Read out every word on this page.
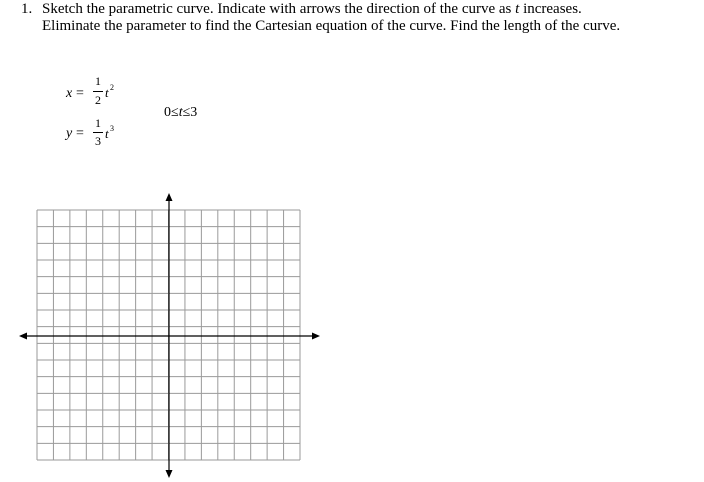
1. Sketch the parametric curve. Indicate with arrows the direction of the curve as t increases.
Eliminate the parameter to find the Cartesian equation of the curve. Find the length of the curve.
x =
1
2 t 2
y =
1
3 t 3
0≤t≤3
